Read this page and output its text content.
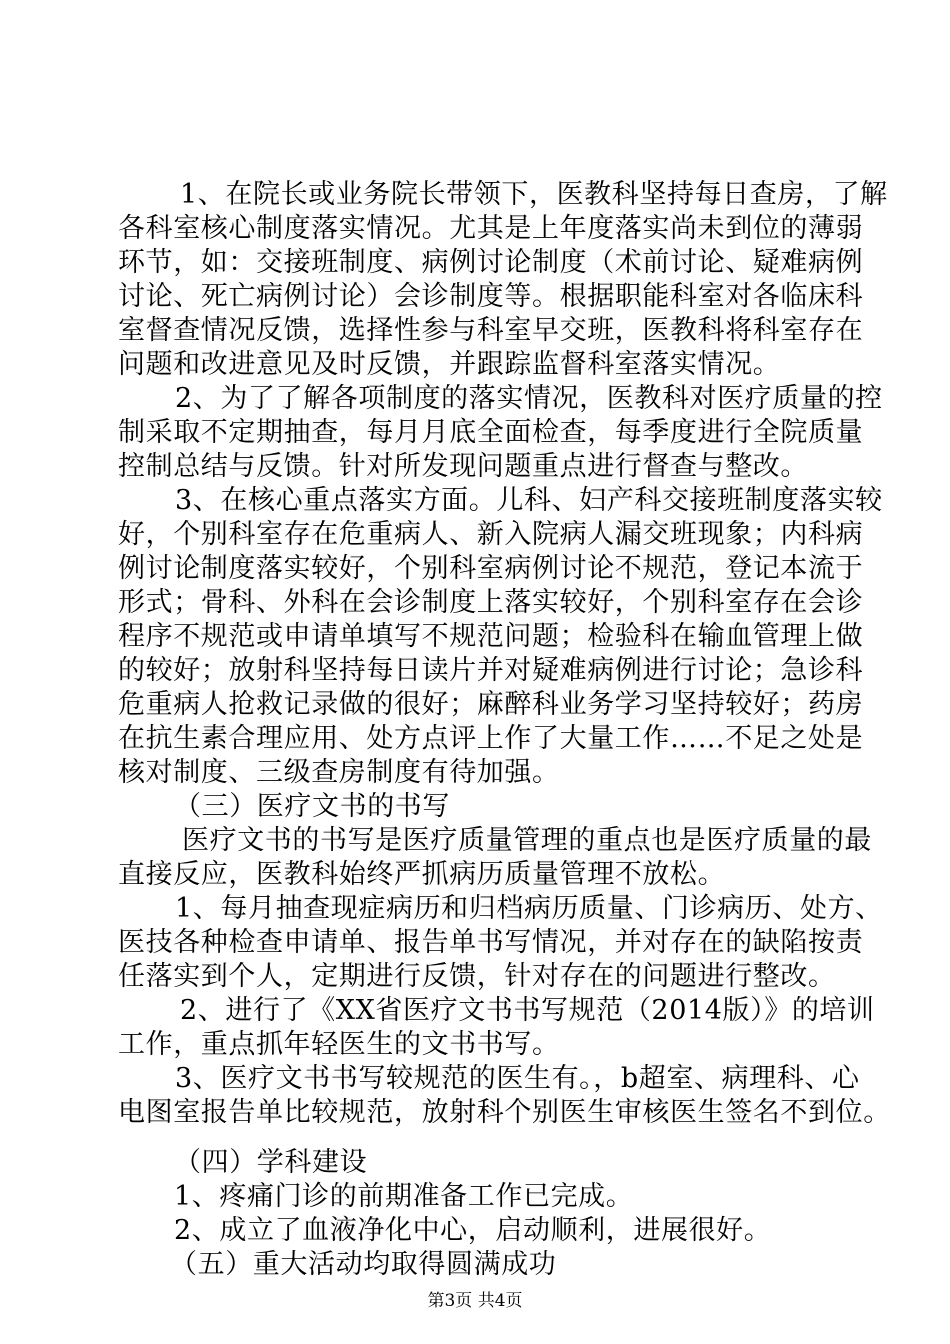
1、在院长或业务院长带领下，医教科坚持每日查房，了解
各科室核心制度落实情况。尤其是上年度落实尚未到位的薄弱
环节，如：交接班制度、病例讨论制度（术前讨论、疑难病例
讨论、死亡病例讨论）会诊制度等。根据职能科室对各临床科
室督查情况反馈，选择性参与科室早交班，医教科将科室存在
问题和改进意见及时反馈，并跟踪监督科室落实情况。
2、为了了解各项制度的落实情况，医教科对医疗质量的控
制采取不定期抽查，每月月底全面检查，每季度进行全院质量
控制总结与反馈。针对所发现问题重点进行督查与整改。
3、在核心重点落实方面。儿科、妇产科交接班制度落实较
好，个别科室存在危重病人、新入院病人漏交班现象；内科病
例讨论制度落实较好，个别科室病例讨论不规范，登记本流于
形式；骨科、外科在会诊制度上落实较好，个别科室存在会诊
程序不规范或申请单填写不规范问题；检验科在输血管理上做
的较好；放射科坚持每日读片并对疑难病例进行讨论；急诊科
危重病人抢救记录做的很好；麻醉科业务学习坚持较好；药房
在抗生素合理应用、处方点评上作了大量工作……不足之处是
核对制度、三级查房制度有待加强。
（三）医疗文书的书写
医疗文书的书写是医疗质量管理的重点也是医疗质量的最
直接反应，医教科始终严抓病历质量管理不放松。
1、每月抽查现症病历和归档病历质量、门诊病历、处方、
医技各种检查申请单、报告单书写情况，并对存在的缺陷按责
任落实到个人，定期进行反馈，针对存在的问题进行整改。
2、进行了《XX省医疗文书书写规范（2014版）》的培训
工作，重点抓年轻医生的文书书写。
3、医疗文书书写较规范的医生有。，b超室、病理科、心
电图室报告单比较规范，放射科个别医生审核医生签名不到位。
（四）学科建设
1、疼痛门诊的前期准备工作已完成。
2、成立了血液净化中心，启动顺利，进展很好。
（五）重大活动均取得圆满成功
第3页 共4页
